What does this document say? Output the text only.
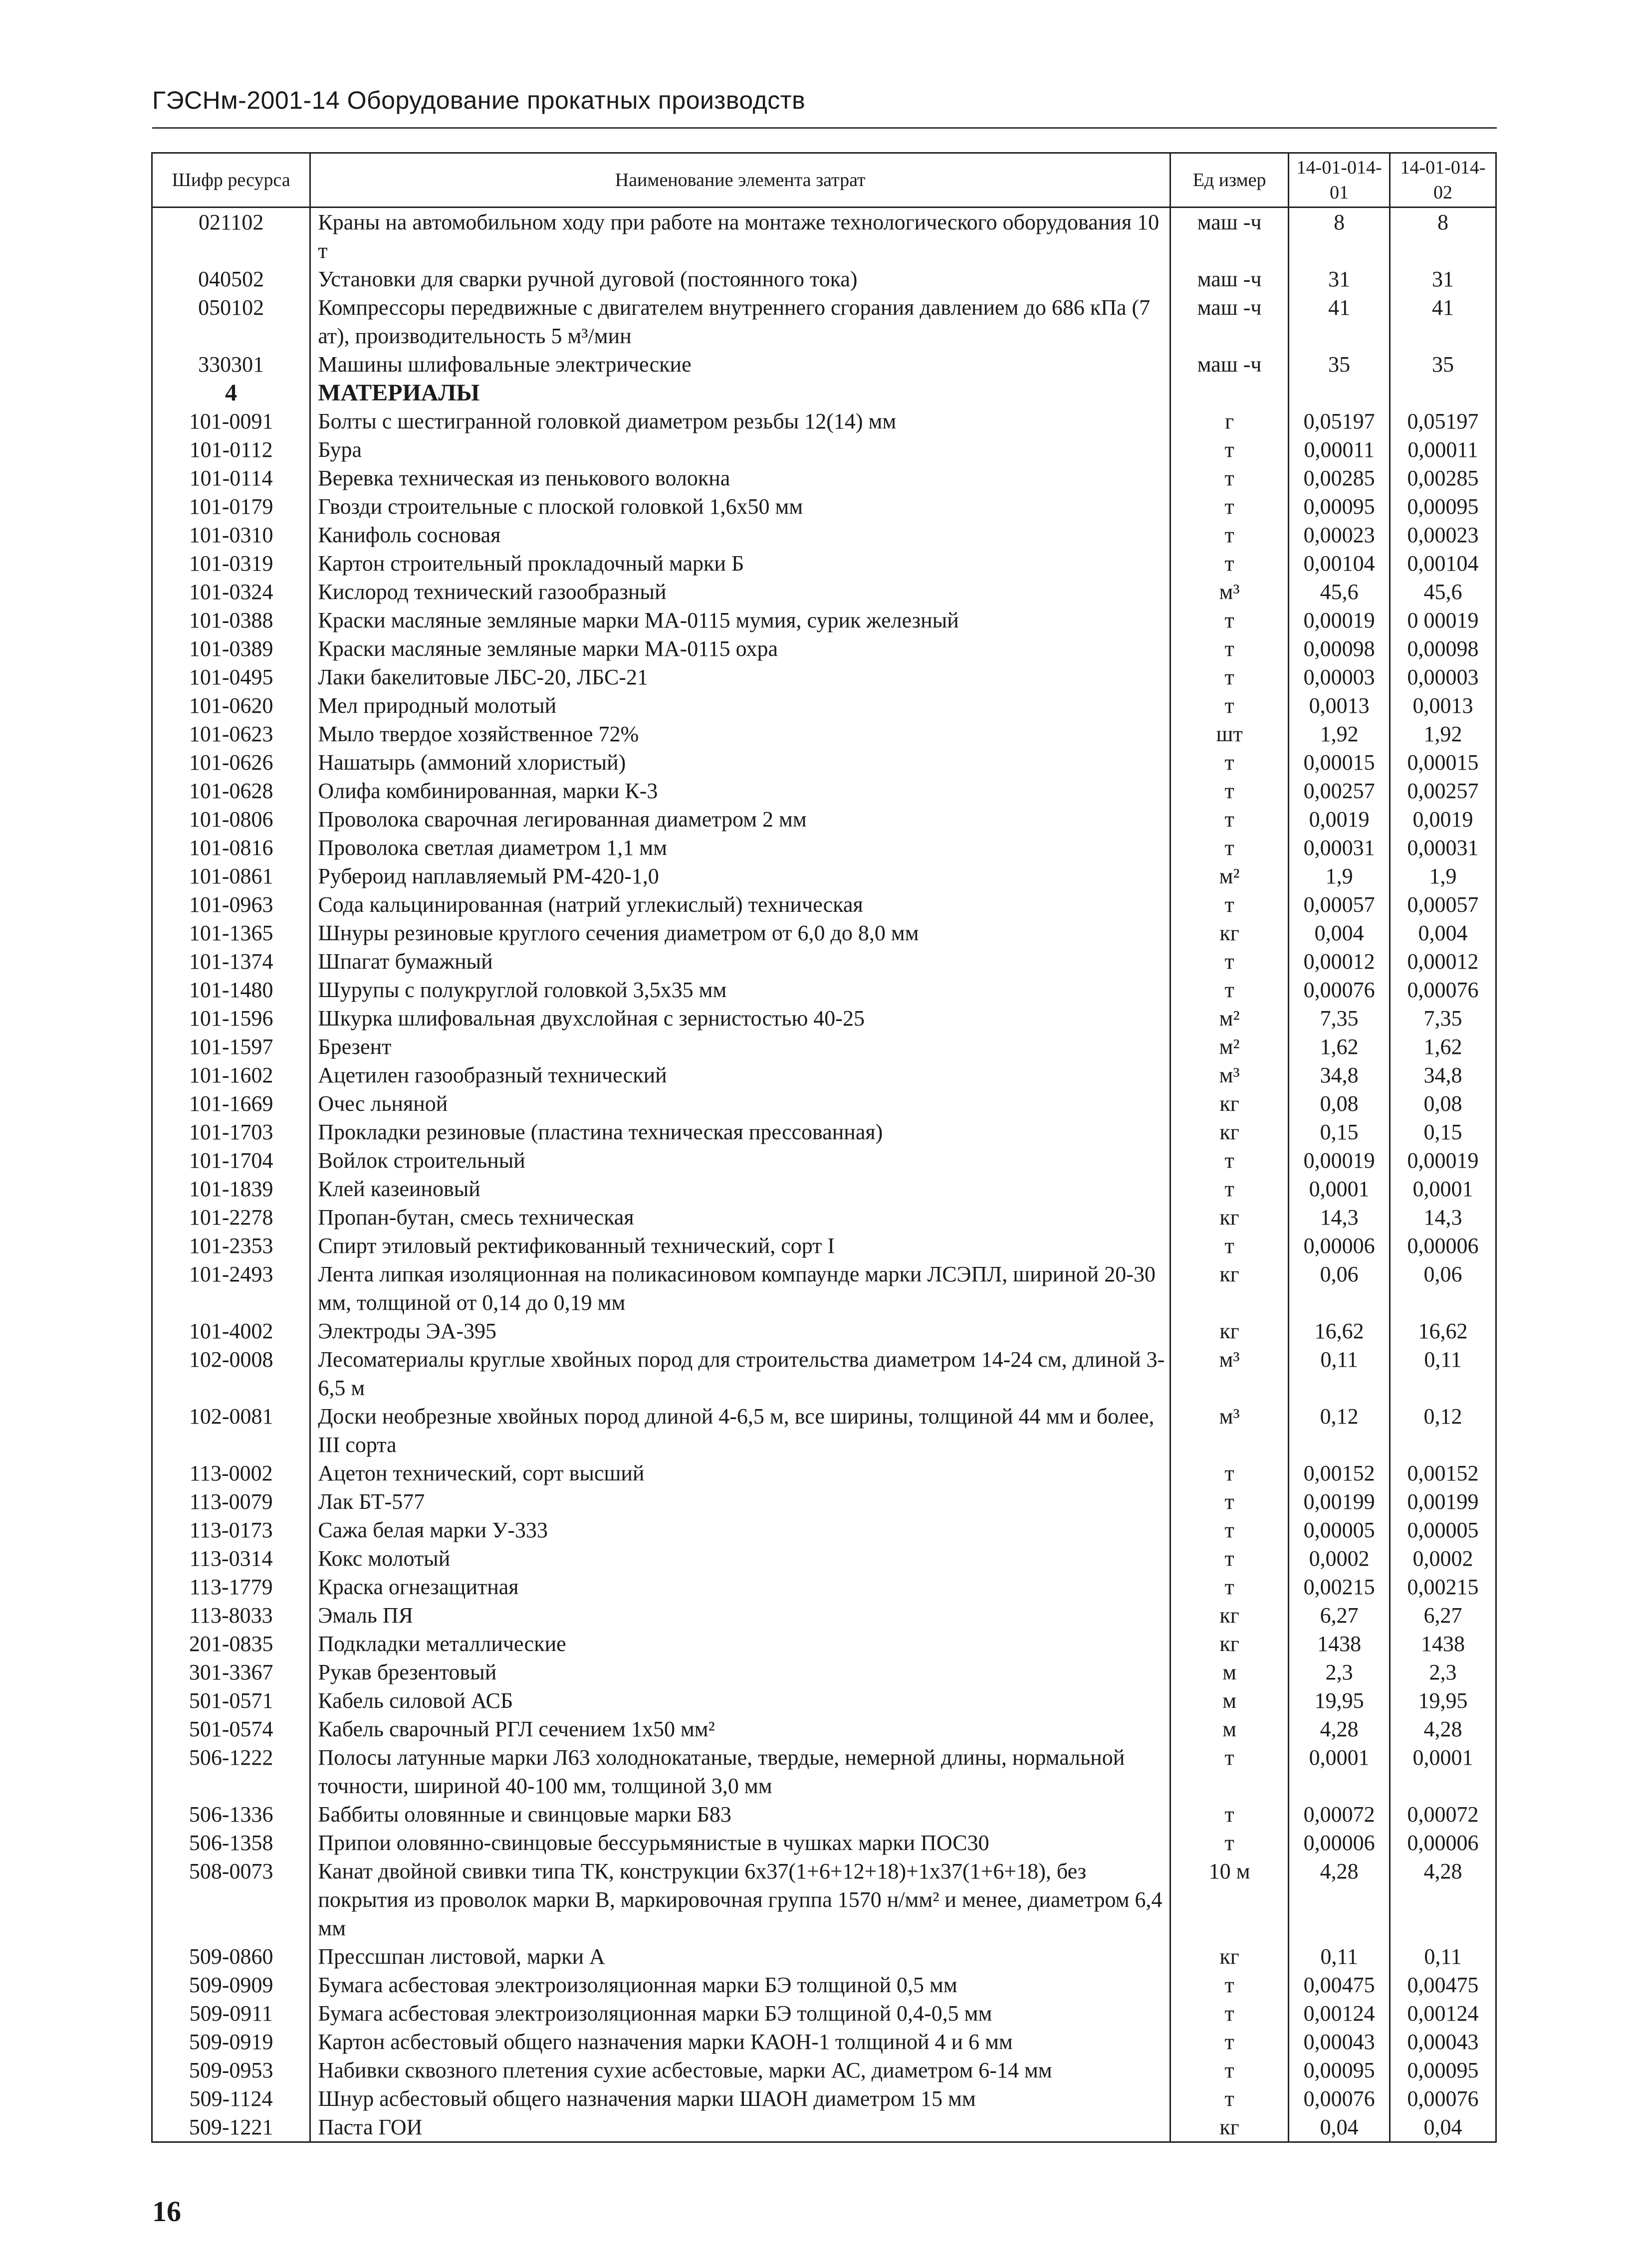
ГЭСНм-2001-14 Оборудование прокатных производств
Шифр ресурса	Наименование элемента затрат	Ед измер	14-01-014-01	14-01-014-02
021102	Краны на автомобильном ходу при работе на монтаже технологического оборудования 10 т	маш -ч	8	8
040502	Установки для сварки ручной дуговой (постоянного тока)	маш -ч	31	31
050102	Компрессоры передвижные с двигателем внутреннего сгорания давлением до 686 кПа (7 ат), производительность 5 м³/мин	маш -ч	41	41
330301	Машины шлифовальные электрические	маш -ч	35	35
4	МАТЕРИАЛЫ			
101-0091	Болты с шестигранной головкой диаметром резьбы 12(14) мм	г	0,05197	0,05197
101-0112	Бура	т	0,00011	0,00011
101-0114	Веревка техническая из пенькового волокна	т	0,00285	0,00285
101-0179	Гвозди строительные с плоской головкой 1,6x50 мм	т	0,00095	0,00095
101-0310	Канифоль сосновая	т	0,00023	0,00023
101-0319	Картон строительный прокладочный марки Б	т	0,00104	0,00104
101-0324	Кислород технический газообразный	м³	45,6	45,6
101-0388	Краски масляные земляные марки МА-0115 мумия, сурик железный	т	0,00019	0 00019
101-0389	Краски масляные земляные марки МА-0115 охра	т	0,00098	0,00098
101-0495	Лаки бакелитовые ЛБС-20, ЛБС-21	т	0,00003	0,00003
101-0620	Мел природный молотый	т	0,0013	0,0013
101-0623	Мыло твердое хозяйственное 72%	шт	1,92	1,92
101-0626	Нашатырь (аммоний хлористый)	т	0,00015	0,00015
101-0628	Олифа комбинированная, марки К-3	т	0,00257	0,00257
101-0806	Проволока сварочная легированная диаметром 2 мм	т	0,0019	0,0019
101-0816	Проволока светлая диаметром 1,1 мм	т	0,00031	0,00031
101-0861	Рубероид наплавляемый РМ-420-1,0	м²	1,9	1,9
101-0963	Сода кальцинированная (натрий углекислый) техническая	т	0,00057	0,00057
101-1365	Шнуры резиновые круглого сечения диаметром от 6,0 до 8,0 мм	кг	0,004	0,004
101-1374	Шпагат бумажный	т	0,00012	0,00012
101-1480	Шурупы с полукруглой головкой 3,5x35 мм	т	0,00076	0,00076
101-1596	Шкурка шлифовальная двухслойная с зернистостью 40-25	м²	7,35	7,35
101-1597	Брезент	м²	1,62	1,62
101-1602	Ацетилен газообразный технический	м³	34,8	34,8
101-1669	Очес льняной	кг	0,08	0,08
101-1703	Прокладки резиновые (пластина техническая прессованная)	кг	0,15	0,15
101-1704	Войлок строительный	т	0,00019	0,00019
101-1839	Клей казеиновый	т	0,0001	0,0001
101-2278	Пропан-бутан, смесь техническая	кг	14,3	14,3
101-2353	Спирт этиловый ректификованный технический, сорт I	т	0,00006	0,00006
101-2493	Лента липкая изоляционная на поликасиновом компаунде марки ЛСЭПЛ, шириной 20-30 мм, толщиной от 0,14 до 0,19 мм	кг	0,06	0,06
101-4002	Электроды ЭА-395	кг	16,62	16,62
102-0008	Лесоматериалы круглые хвойных пород для строительства диаметром 14-24 см, длиной 3-6,5 м	м³	0,11	0,11
102-0081	Доски необрезные хвойных пород длиной 4-6,5 м, все ширины, толщиной 44 мм и более, III сорта	м³	0,12	0,12
113-0002	Ацетон технический, сорт высший	т	0,00152	0,00152
113-0079	Лак БТ-577	т	0,00199	0,00199
113-0173	Сажа белая марки У-333	т	0,00005	0,00005
113-0314	Кокс молотый	т	0,0002	0,0002
113-1779	Краска огнезащитная	т	0,00215	0,00215
113-8033	Эмаль ПЯ	кг	6,27	6,27
201-0835	Подкладки металлические	кг	1438	1438
301-3367	Рукав брезентовый	м	2,3	2,3
501-0571	Кабель силовой АСБ	м	19,95	19,95
501-0574	Кабель сварочный РГЛ сечением 1x50 мм²	м	4,28	4,28
506-1222	Полосы латунные марки Л63 холоднокатаные, твердые, немерной длины, нормальной точности, шириной 40-100 мм, толщиной 3,0 мм	т	0,0001	0,0001
506-1336	Баббиты оловянные и свинцовые марки Б83	т	0,00072	0,00072
506-1358	Припои оловянно-свинцовые бессурьмянистые в чушках марки ПОС30	т	0,00006	0,00006
508-0073	Канат двойной свивки типа ТК, конструкции 6x37(1+6+12+18)+1x37(1+6+18), без покрытия из проволок марки В, маркировочная группа 1570 н/мм² и менее, диаметром 6,4 мм	10 м	4,28	4,28
509-0860	Прессшпан листовой, марки А	кг	0,11	0,11
509-0909	Бумага асбестовая электроизоляционная марки БЭ толщиной 0,5 мм	т	0,00475	0,00475
509-0911	Бумага асбестовая электроизоляционная марки БЭ толщиной 0,4-0,5 мм	т	0,00124	0,00124
509-0919	Картон асбестовый общего назначения марки КАОН-1 толщиной 4 и 6 мм	т	0,00043	0,00043
509-0953	Набивки сквозного плетения сухие асбестовые, марки АС, диаметром 6-14 мм	т	0,00095	0,00095
509-1124	Шнур асбестовый общего назначения марки ШАОН диаметром 15 мм	т	0,00076	0,00076
509-1221	Паста ГОИ	кг	0,04	0,04
16
